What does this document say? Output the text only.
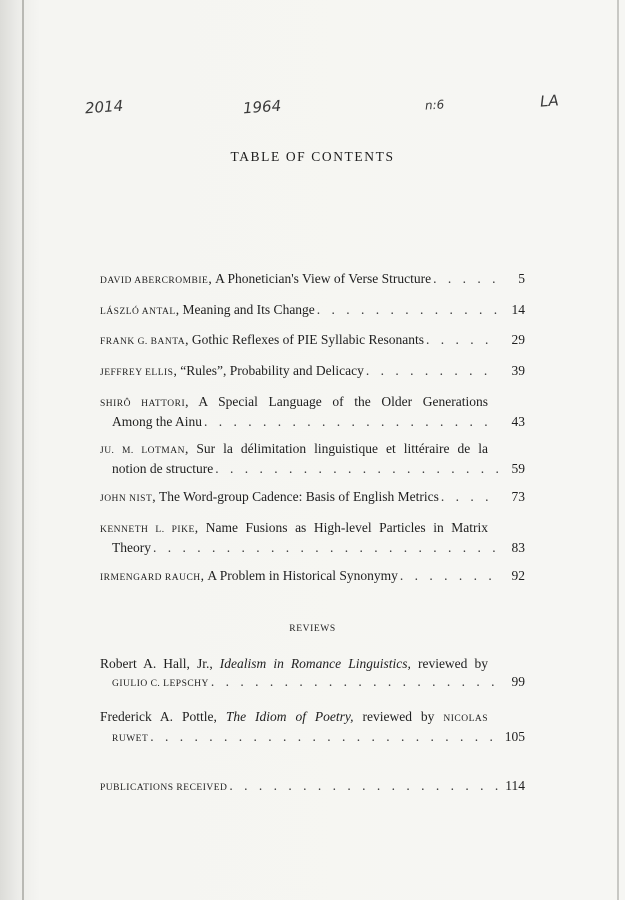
2014	1964	n:6	LA
TABLE OF CONTENTS
DAVID ABERCROMBIE , A Phonetician's View of Verse Structure . . .	5
LÁSZLÓ ANTAL , Meaning and Its Change . . .	14
FRANK G. BANTA , Gothic Reflexes of PIE Syllabic Resonants . . .	29
JEFFREY ELLIS , “Rules”, Probability and Delicacy . . .	39
SHIRÔ HATTORI, A Special Language of the Older Generations
Among the Ainu . . .	43
JU. M. LOTMAN, Sur la délimitation linguistique et littéraire de la
notion de structure . . .	59
JOHN NIST , The Word-group Cadence: Basis of English Metrics . . .	73
KENNETH L. PIKE, Name Fusions as High-level Particles in Matrix
Theory . . .	83
IRMENGARD RAUCH , A Problem in Historical Synonymy . . .	92
REVIEWS
Robert A. Hall, Jr., Idealism in Romance Linguistics, reviewed by
GIULIO C. LEPSCHY . . .	99
Frederick A. Pottle, The Idiom of Poetry, reviewed by NICOLAS
RUWET . . .	105
PUBLICATIONS RECEIVED . . .	114
